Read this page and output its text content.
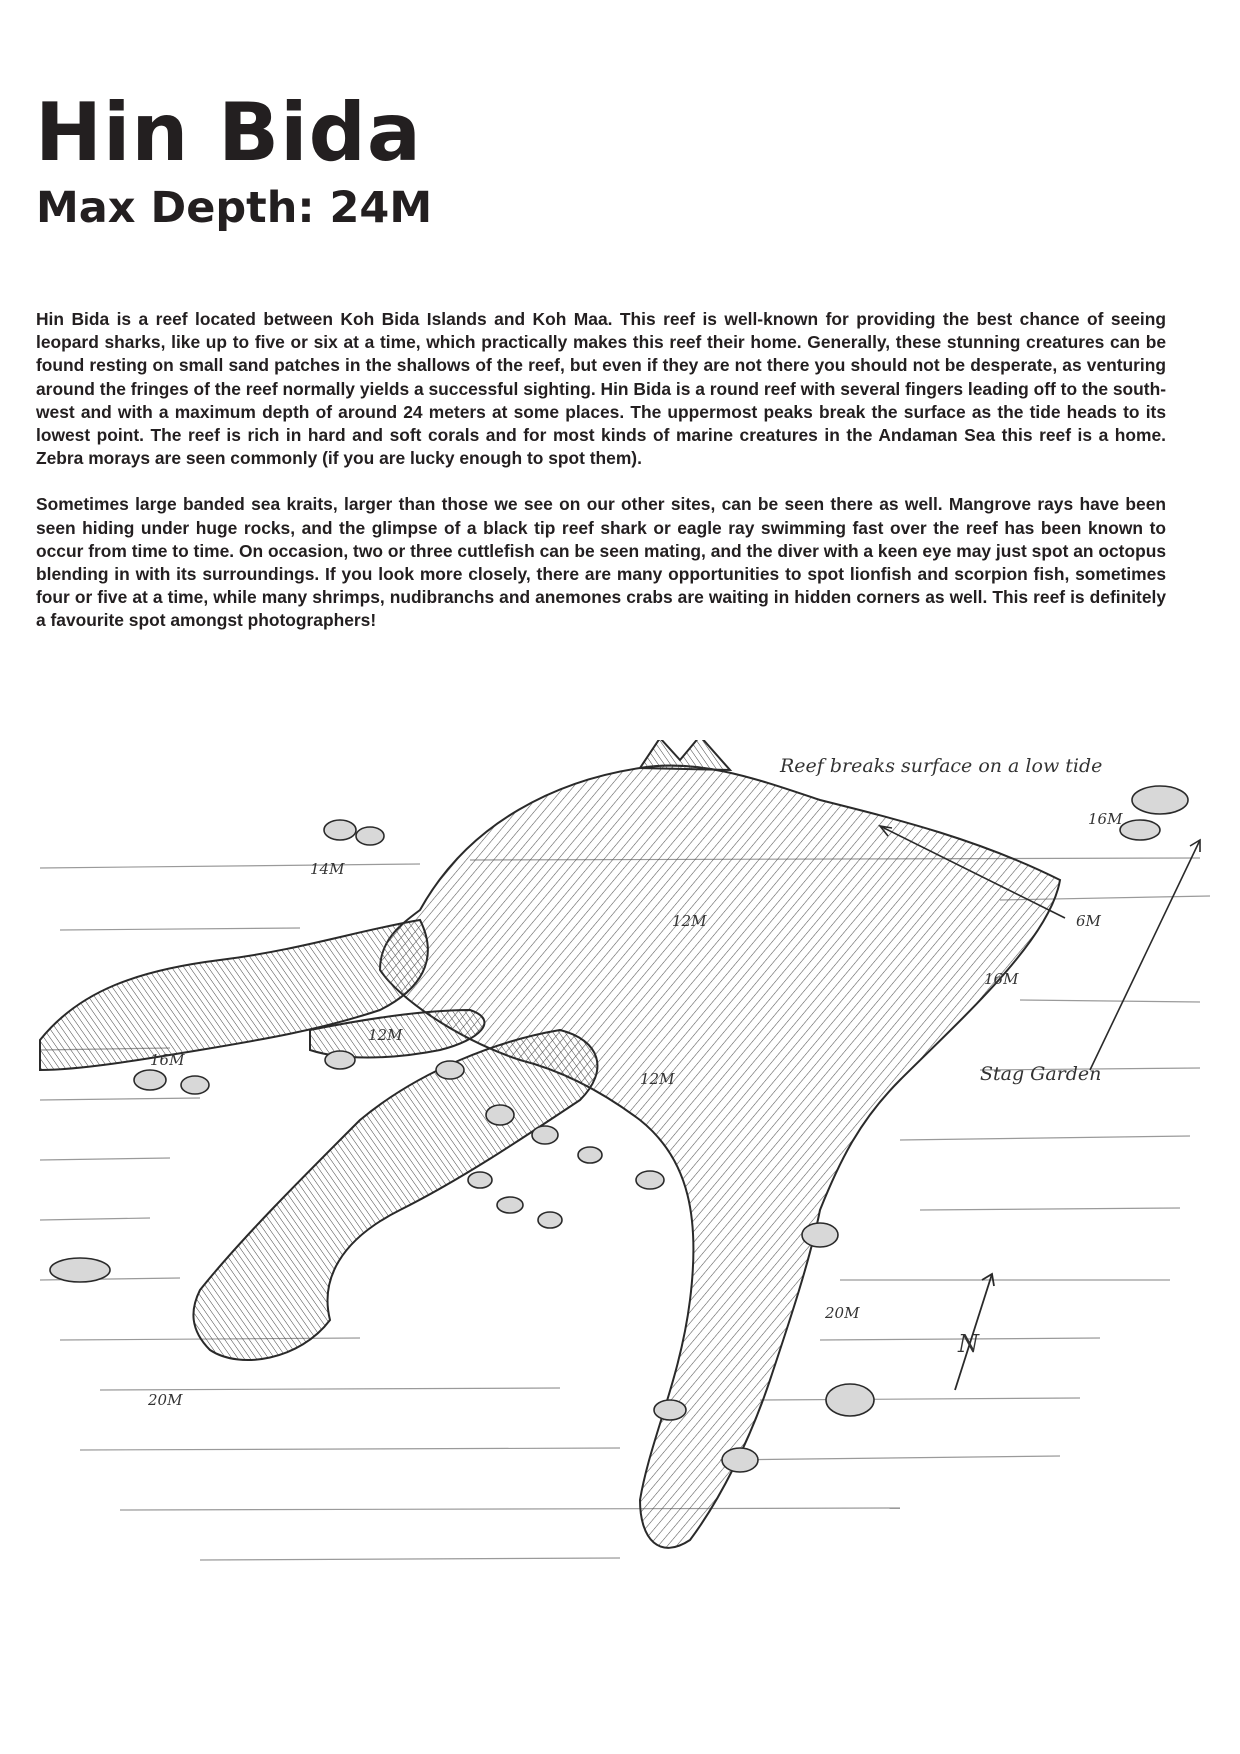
Hin Bida
Max Depth: 24M

Hin Bida is a reef located between Koh Bida Islands and Koh Maa. This reef is well-known for providing the best chance of seeing leopard sharks, like up to five or six at a time, which practically makes this reef their home. Generally, these stunning creatures can be found resting on small sand patches in the shallows of the reef, but even if they are not there you should not be desperate, as venturing around the fringes of the reef normally yields a successful sighting. Hin Bida is a round reef with several fingers leading off to the south-west and with a maximum depth of around 24 meters at some places. The uppermost peaks break the surface as the tide heads to its lowest point. The reef is rich in hard and soft corals and for most kinds of marine creatures in the Andaman Sea this reef is a home. Zebra morays are seen commonly (if you are lucky enough to spot them).

Sometimes large banded sea kraits, larger than those we see on our other sites, can be seen there as well. Mangrove rays have been seen hiding under huge rocks, and the glimpse of a black tip reef shark or eagle ray swimming fast over the reef has been known to occur from time to time. On occasion, two or three cuttlefish can be seen mating, and the diver with a keen eye may just spot an octopus blending in with its surroundings. If you look more closely, there are many opportunities to spot lionfish and scorpion fish, sometimes four or five at a time, while many shrimps, nudibranchs and anemones crabs are waiting in hidden corners as well. This reef is definitely a favourite spot amongst photographers!

Reef breaks surface on a low tide
Stag Garden
16M
14M
12M	6M
16M
12M
16M
12M
20M
20M
N
